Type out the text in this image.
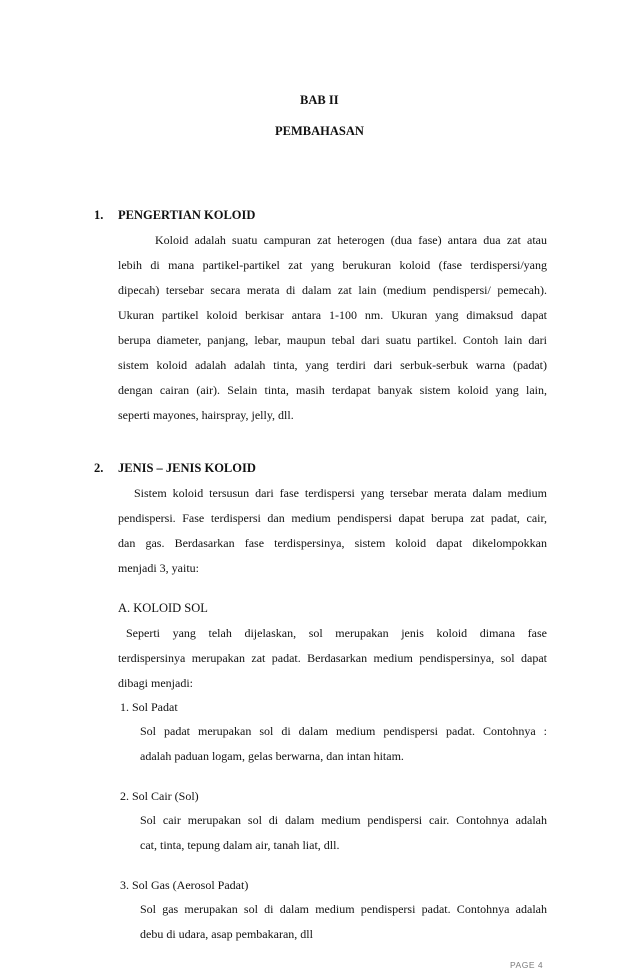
BAB II
PEMBAHASAN
1. PENGERTIAN KOLOID
Koloid adalah suatu campuran zat heterogen (dua fase) antara dua zat atau
lebih di mana partikel-partikel zat yang berukuran koloid (fase terdispersi/yang
dipecah) tersebar secara merata di dalam zat lain (medium pendispersi/ pemecah).
Ukuran partikel koloid berkisar antara 1-100 nm. Ukuran yang dimaksud dapat
berupa diameter, panjang, lebar, maupun tebal dari suatu partikel. Contoh lain dari
sistem koloid adalah adalah tinta, yang terdiri dari serbuk-serbuk warna (padat)
dengan cairan (air). Selain tinta, masih terdapat banyak sistem koloid yang lain,
seperti mayones, hairspray, jelly, dll.
2. JENIS – JENIS KOLOID
Sistem koloid tersusun dari fase terdispersi yang tersebar merata dalam medium
pendispersi. Fase terdispersi dan medium pendispersi dapat berupa zat padat, cair,
dan gas. Berdasarkan fase terdispersinya, sistem koloid dapat dikelompokkan
menjadi 3, yaitu:
A. KOLOID SOL
Seperti yang telah dijelaskan, sol merupakan jenis koloid dimana fase
terdispersinya merupakan zat padat. Berdasarkan medium pendispersinya, sol dapat
dibagi menjadi:
1. Sol Padat
Sol padat merupakan sol di dalam medium pendispersi padat. Contohnya :
adalah paduan logam, gelas berwarna, dan intan hitam.
2. Sol Cair (Sol)
Sol cair merupakan sol di dalam medium pendispersi cair. Contohnya adalah
cat, tinta, tepung dalam air, tanah liat, dll.
3. Sol Gas (Aerosol Padat)
Sol gas merupakan sol di dalam medium pendispersi padat. Contohnya adalah
debu di udara, asap pembakaran, dll
PAGE 4
